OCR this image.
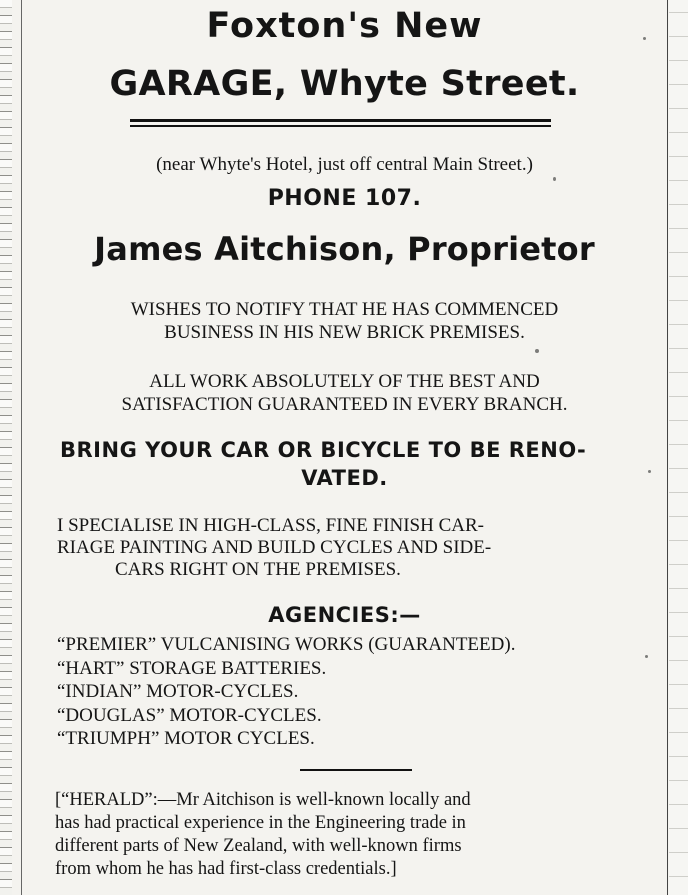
Foxton's New
GARAGE, Whyte Street.
(near Whyte's Hotel, just off central Main Street.)
PHONE 107.
James Aitchison, Proprietor
WISHES TO NOTIFY THAT HE HAS COMMENCED
BUSINESS IN HIS NEW BRICK PREMISES.
ALL WORK ABSOLUTELY OF THE BEST AND
SATISFACTION GUARANTEED IN EVERY BRANCH.
BRING YOUR CAR OR BICYCLE TO BE RENO-
VATED.
I SPECIALISE IN HIGH-CLASS, FINE FINISH CAR-
RIAGE PAINTING AND BUILD CYCLES AND SIDE-
CARS RIGHT ON THE PREMISES.
AGENCIES:—
“PREMIER” VULCANISING WORKS (GUARANTEED).
“HART” STORAGE BATTERIES.
“INDIAN” MOTOR-CYCLES.
“DOUGLAS” MOTOR-CYCLES.
“TRIUMPH” MOTOR CYCLES.
[“HERALD”:—Mr Aitchison is well-known locally and
has had practical experience in the Engineering trade in
different parts of New Zealand, with well-known firms
from whom he has had first-class credentials.]
